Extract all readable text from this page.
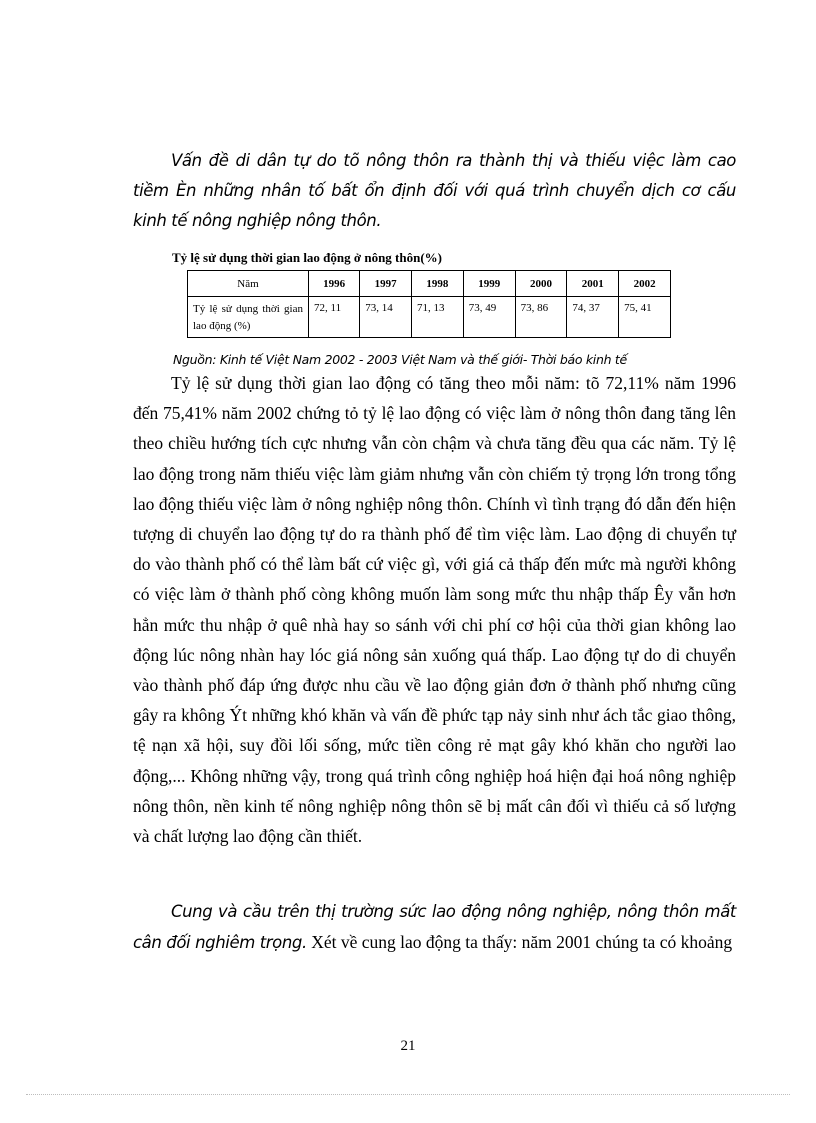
Vấn đề di dân tự do tõ nông thôn ra thành thị và thiếu việc làm cao tiềm Èn những nhân tố bất ổn định đối với quá trình chuyển dịch cơ cấu kinh tế nông nghiệp nông thôn.

Tỷ lệ sử dụng thời gian lao động ở nông thôn(%)

Năm	1996	1997	1998	1999	2000	2001	2002
Tỷ lệ sử dụng thời gian lao động (%)	72, 11	73, 14	71, 13	73, 49	73, 86	74, 37	75, 41

Nguồn: Kinh tế Việt Nam 2002 - 2003 Việt Nam và thế giới- Thời báo kinh tế

Tỷ lệ sử dụng thời gian lao động có tăng theo mỗi năm: tõ 72,11% năm 1996 đến 75,41% năm 2002 chứng tỏ tỷ lệ lao động có việc làm ở nông thôn đang tăng lên theo chiều hướng tích cực nhưng vẫn còn chậm và chưa tăng đều qua các năm. Tỷ lệ lao động trong năm thiếu việc làm giảm nhưng vẫn còn chiếm tỷ trọng lớn trong tổng lao động thiếu việc làm ở nông nghiệp nông thôn. Chính vì tình trạng đó dẫn đến hiện tượng di chuyển lao động tự do ra thành phố để tìm việc làm. Lao động di chuyển tự do vào thành phố có thể làm bất cứ việc gì, với giá cả thấp đến mức mà người không có việc làm ở thành phố còng không muốn làm song mức thu nhập thấp Êy vẫn hơn hẳn mức thu nhập ở quê nhà hay so sánh với chi phí cơ hội của thời gian không lao động lúc nông nhàn hay lóc giá nông sản xuống quá thấp. Lao động tự do di chuyển vào thành phố đáp ứng được nhu cầu về lao động giản đơn ở thành phố nhưng cũng gây ra không Ýt những khó khăn và vấn đề phức tạp nảy sinh như ách tắc giao thông, tệ nạn xã hội, suy đồi lối sống, mức tiền công rẻ mạt gây khó khăn cho người lao động,... Không những vậy, trong quá trình công nghiệp hoá hiện đại hoá nông nghiệp nông thôn, nền kinh tế nông nghiệp nông thôn sẽ bị mất cân đối vì thiếu cả số lượng và chất lượng lao động cần thiết.

Cung và cầu trên thị trường sức lao động nông nghiệp, nông thôn mất cân đối nghiêm trọng. Xét về cung lao động ta thấy: năm 2001 chúng ta có khoảng

21
